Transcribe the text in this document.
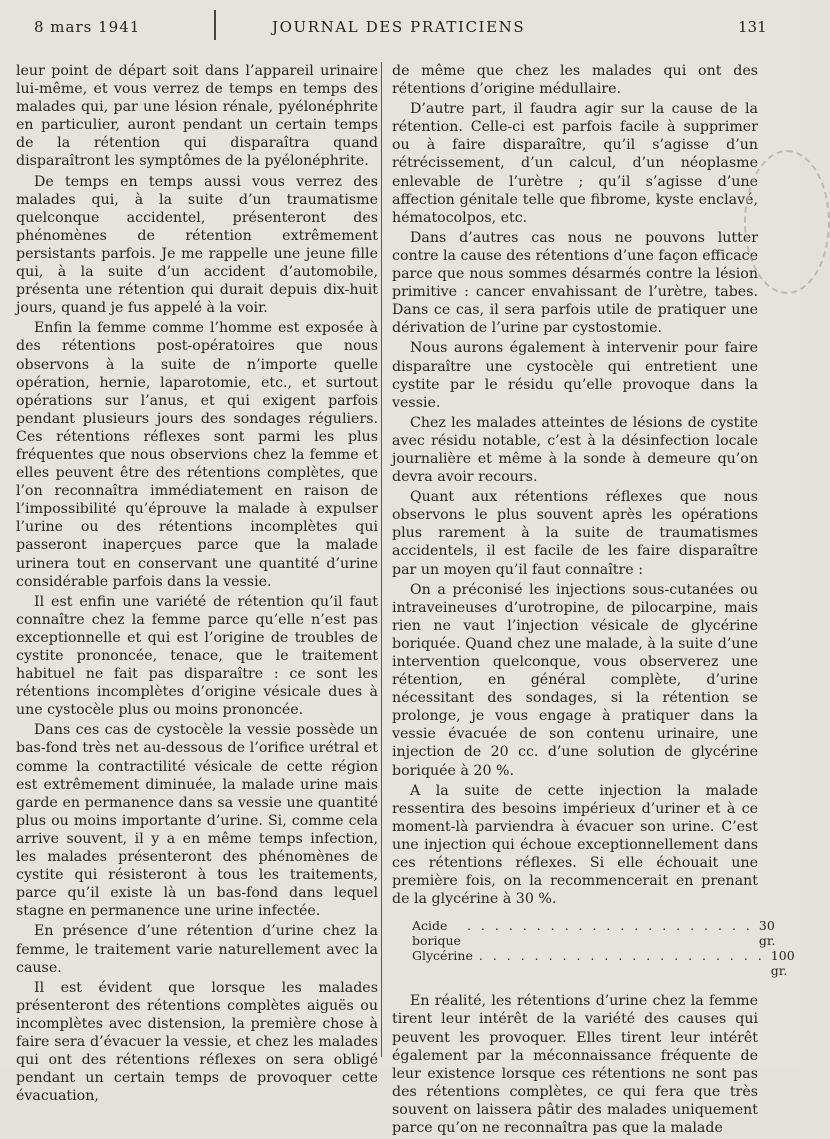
8 mars 1941	JOURNAL DES PRATICIENS	131

leur point de départ soit dans l’appareil urinaire lui-même, et vous verrez de temps en temps des malades qui, par une lésion rénale, pyélonéphrite en particulier, auront pendant un certain temps de la rétention qui disparaîtra quand disparaîtront les symptômes de la pyélonéphrite.

De temps en temps aussi vous verrez des malades qui, à la suite d’un traumatisme quelconque accidentel, présenteront des phénomènes de rétention extrêmement persistants parfois. Je me rappelle une jeune fille qui, à la suite d’un accident d’automobile, présenta une rétention qui durait depuis dix-huit jours, quand je fus appelé à la voir.

Enfin la femme comme l’homme est exposée à des rétentions post-opératoires que nous observons à la suite de n’importe quelle opération, hernie, laparotomie, etc., et surtout opérations sur l’anus, et qui exigent parfois pendant plusieurs jours des sondages réguliers. Ces rétentions réflexes sont parmi les plus fréquentes que nous observions chez la femme et elles peuvent être des rétentions complètes, que l’on reconnaîtra immédiatement en raison de l’impossibilité qu’éprouve la malade à expulser l’urine ou des rétentions incomplètes qui passeront inaperçues parce que la malade urinera tout en conservant une quantité d’urine considérable parfois dans la vessie.

Il est enfin une variété de rétention qu’il faut connaître chez la femme parce qu’elle n’est pas exceptionnelle et qui est l’origine de troubles de cystite prononcée, tenace, que le traitement habituel ne fait pas disparaître : ce sont les rétentions incomplètes d’origine vésicale dues à une cystocèle plus ou moins prononcée.

Dans ces cas de cystocèle la vessie possède un bas-fond très net au-dessous de l’orifice urétral et comme la contractilité vésicale de cette région est extrêmement diminuée, la malade urine mais garde en permanence dans sa vessie une quantité plus ou moins importante d’urine. Si, comme cela arrive souvent, il y a en même temps infection, les malades présenteront des phénomènes de cystite qui résisteront à tous les traitements, parce qu’il existe là un bas-fond dans lequel stagne en permanence une urine infectée.

En présence d’une rétention d’urine chez la femme, le traitement varie naturellement avec la cause.

Il est évident que lorsque les malades présenteront des rétentions complètes aiguës ou incomplètes avec distension, la première chose à faire sera d’évacuer la vessie, et chez les malades qui ont des rétentions réflexes on sera obligé pendant un certain temps de provoquer cette évacuation,

de même que chez les malades qui ont des rétentions d’origine médullaire.

D’autre part, il faudra agir sur la cause de la rétention. Celle-ci est parfois facile à supprimer ou à faire disparaître, qu’il s’agisse d’un rétrécissement, d’un calcul, d’un néoplasme enlevable de l’urètre ; qu’il s’agisse d’une affection génitale telle que fibrome, kyste enclavé, hématocolpos, etc.

Dans d’autres cas nous ne pouvons lutter contre la cause des rétentions d’une façon efficace parce que nous sommes désarmés contre la lésion primitive : cancer envahissant de l’urètre, tabes. Dans ce cas, il sera parfois utile de pratiquer une dérivation de l’urine par cystostomie.

Nous aurons également à intervenir pour faire disparaître une cystocèle qui entretient une cystite par le résidu qu’elle provoque dans la vessie.

Chez les malades atteintes de lésions de cystite avec résidu notable, c’est à la désinfection locale journalière et même à la sonde à demeure qu’on devra avoir recours.

Quant aux rétentions réflexes que nous observons le plus souvent après les opérations plus rarement à la suite de traumatismes accidentels, il est facile de les faire disparaître par un moyen qu’il faut connaître :

On a préconisé les injections sous-cutanées ou intraveineuses d’urotropine, de pilocarpine, mais rien ne vaut l’injection vésicale de glycérine boriquée. Quand chez une malade, à la suite d’une intervention quelconque, vous observerez une rétention, en général complète, d’urine nécessitant des sondages, si la rétention se prolonge, je vous engage à pratiquer dans la vessie évacuée de son contenu urinaire, une injection de 20 cc. d’une solution de glycérine boriquée à 20 %.

A la suite de cette injection la malade ressentira des besoins impérieux d’uriner et à ce moment-là parviendra à évacuer son urine. C’est une injection qui échoue exceptionnellement dans ces rétentions réflexes. Si elle échouait une première fois, on la recommencerait en prenant de la glycérine à 30 %.

Acide borique
. . . . . . . . . . . . . . . . . . . . . 30 gr.
Glycérine . . . . . . . . . . . . . . . . . . . . . 100 gr.

En réalité, les rétentions d’urine chez la femme tirent leur intérêt de la variété des causes qui peuvent les provoquer. Elles tirent leur intérêt également par la méconnaissance fréquente de leur existence lorsque ces rétentions ne sont pas des rétentions complètes, ce qui fera que très souvent on laissera pâtir des malades uniquement parce qu’on ne reconnaîtra pas que la malade
